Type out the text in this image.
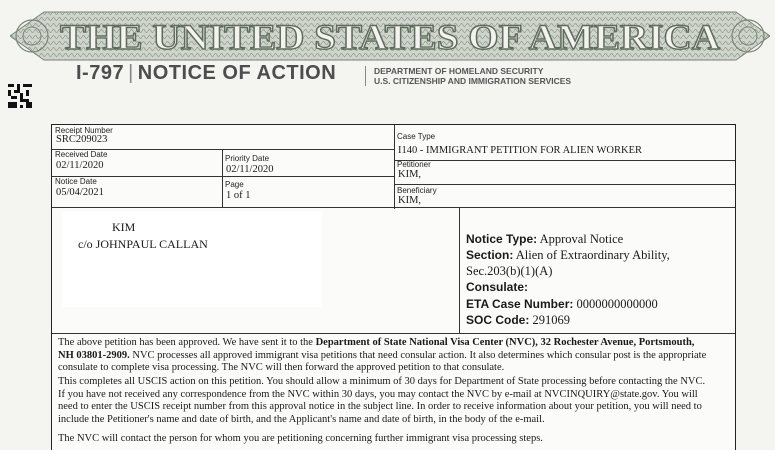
THE UNITED STATES OF AMERICA
I-797 | NOTICE OF ACTION	DEPARTMENT OF HOMELAND SECURITY
U.S. CITIZENSHIP AND IMMIGRATION SERVICES
Receipt Number
SRC209023	Case Type
I140 - IMMIGRANT PETITION FOR ALIEN WORKER
Received Date
02/11/2020
Priority Date
02/11/2020	Petitioner
KIM,
Notice Date
05/04/2021
Page
1 of 1	Beneficiary
KIM,
KIM
c/o JOHNPAUL CALLAN	Notice Type: Approval Notice
Section: Alien of Extraordinary Ability,
Sec.203(b)(1)(A)
Consulate:
ETA Case Number: 0000000000000
SOC Code: 291069

The above petition has been approved. We have sent it to the Department of State National Visa Center (NVC), 32 Rochester Avenue, Portsmouth,
NH 03801-2909. NVC processes all approved immigrant visa petitions that need consular action. It also determines which consular post is the appropriate
consulate to complete visa processing. The NVC will then forward the approved petition to that consulate.

This completes all USCIS action on this petition. You should allow a minimum of 30 days for Department of State processing before contacting the NVC.
If you have not received any correspondence from the NVC within 30 days, you may contact the NVC by e-mail at NVCINQUIRY@state.gov. You will
need to enter the USCIS receipt number from this approval notice in the subject line. In order to receive information about your petition, you will need to
include the Petitioner's name and date of birth, and the Applicant's name and date of birth, in the body of the e-mail.

The NVC will contact the person for whom you are petitioning concerning further immigrant visa processing steps.
